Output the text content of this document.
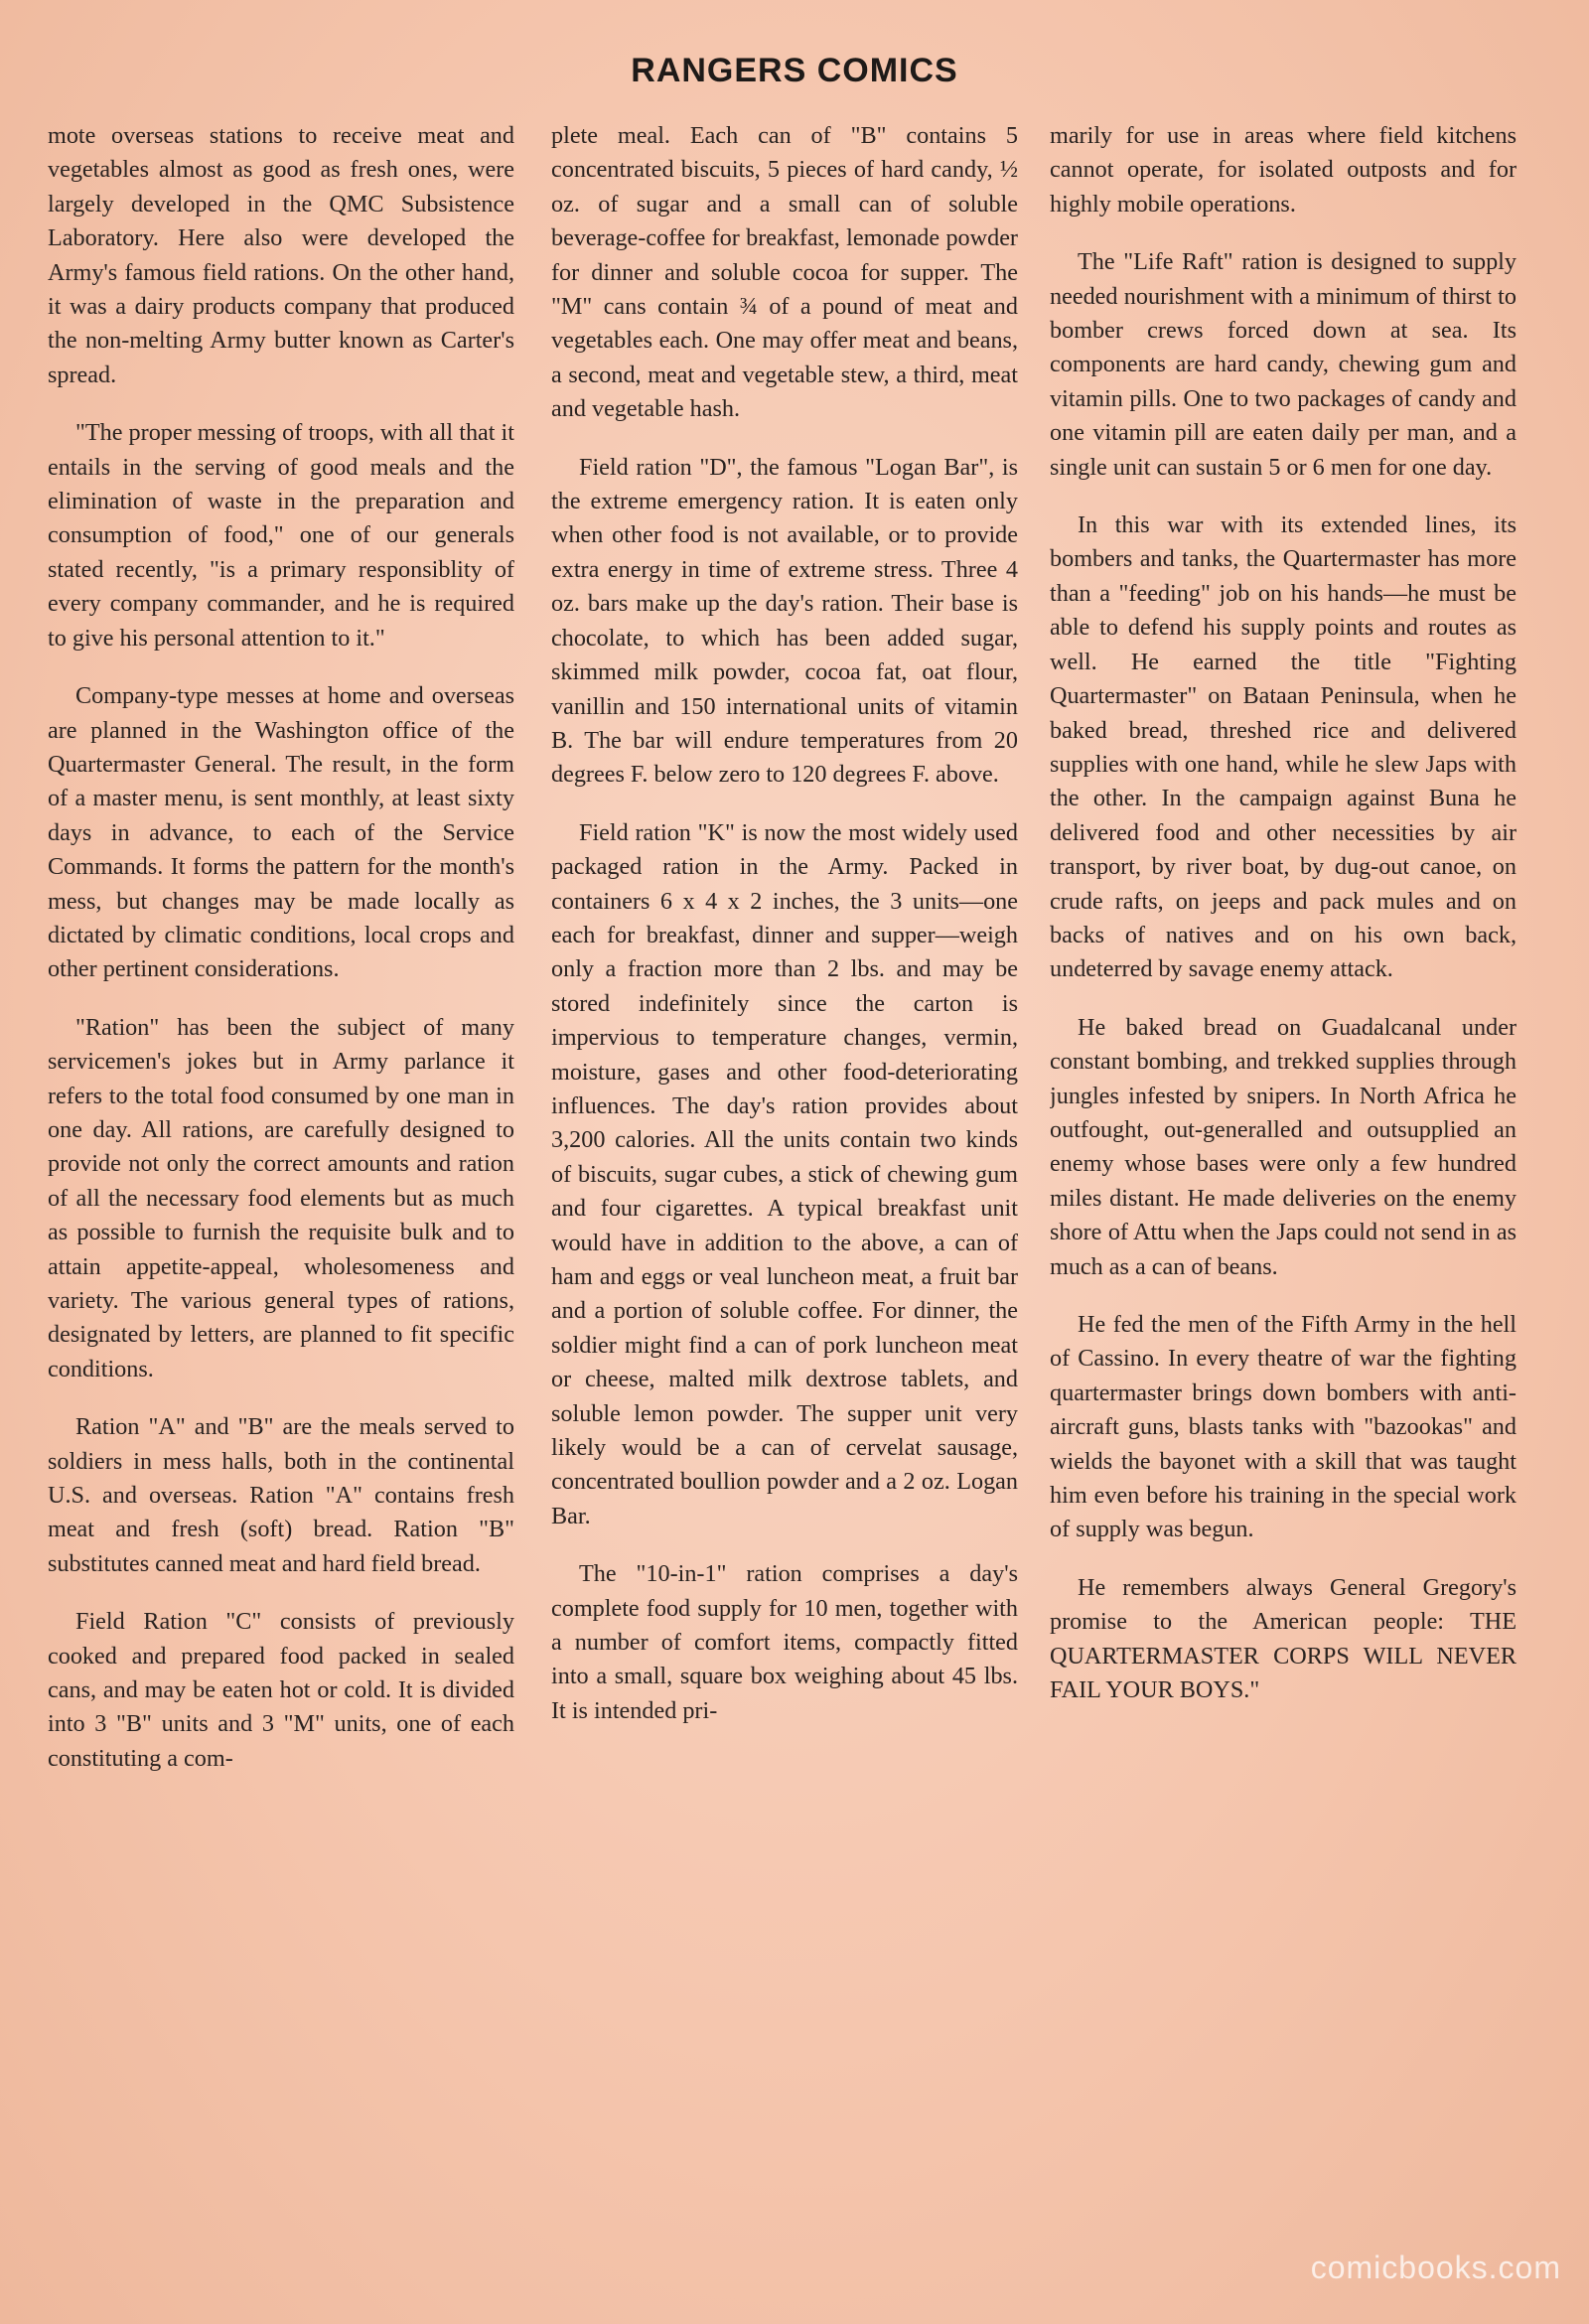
RANGERS COMICS

mote overseas stations to receive meat and vegetables almost as good as fresh ones, were largely developed in the QMC Subsistence Laboratory. Here also were developed the Army's famous field rations. On the other hand, it was a dairy products company that produced the non-melting Army butter known as Carter's spread.

"The proper messing of troops, with all that it entails in the serving of good meals and the elimination of waste in the preparation and consumption of food," one of our generals stated recently, "is a primary responsiblity of every company commander, and he is required to give his personal attention to it."

Company-type messes at home and overseas are planned in the Washington office of the Quartermaster General. The result, in the form of a master menu, is sent monthly, at least sixty days in advance, to each of the Service Commands. It forms the pattern for the month's mess, but changes may be made locally as dictated by climatic conditions, local crops and other pertinent considerations.

"Ration" has been the subject of many servicemen's jokes but in Army parlance it refers to the total food consumed by one man in one day. All rations, are carefully designed to provide not only the correct amounts and ration of all the necessary food elements but as much as possible to furnish the requisite bulk and to attain appetite-appeal, wholesomeness and variety. The various general types of rations, designated by letters, are planned to fit specific conditions.

Ration "A" and "B" are the meals served to soldiers in mess halls, both in the continental U.S. and overseas. Ration "A" contains fresh meat and fresh (soft) bread. Ration "B" substitutes canned meat and hard field bread.

Field Ration "C" consists of previously cooked and prepared food packed in sealed cans, and may be eaten hot or cold. It is divided into 3 "B" units and 3 "M" units, one of each constituting a com-

plete meal. Each can of "B" contains 5 concentrated biscuits, 5 pieces of hard candy, ½ oz. of sugar and a small can of soluble beverage-coffee for breakfast, lemonade powder for dinner and soluble cocoa for supper. The "M" cans contain ¾ of a pound of meat and vegetables each. One may offer meat and beans, a second, meat and vegetable stew, a third, meat and vegetable hash.

Field ration "D", the famous "Logan Bar", is the extreme emergency ration. It is eaten only when other food is not available, or to provide extra energy in time of extreme stress. Three 4 oz. bars make up the day's ration. Their base is chocolate, to which has been added sugar, skimmed milk powder, cocoa fat, oat flour, vanillin and 150 international units of vitamin B. The bar will endure temperatures from 20 degrees F. below zero to 120 degrees F. above.

Field ration "K" is now the most widely used packaged ration in the Army. Packed in containers 6 x 4 x 2 inches, the 3 units—one each for breakfast, dinner and supper—weigh only a fraction more than 2 lbs. and may be stored indefinitely since the carton is impervious to temperature changes, vermin, moisture, gases and other food-deteriorating influences. The day's ration provides about 3,200 calories. All the units contain two kinds of biscuits, sugar cubes, a stick of chewing gum and four cigarettes. A typical breakfast unit would have in addition to the above, a can of ham and eggs or veal luncheon meat, a fruit bar and a portion of soluble coffee. For dinner, the soldier might find a can of pork luncheon meat or cheese, malted milk dextrose tablets, and soluble lemon powder. The supper unit very likely would be a can of cervelat sausage, concentrated boullion powder and a 2 oz. Logan Bar.

The "10-in-1" ration comprises a day's complete food supply for 10 men, together with a number of comfort items, compactly fitted into a small, square box weighing about 45 lbs. It is intended pri-

marily for use in areas where field kitchens cannot operate, for isolated outposts and for highly mobile operations.

The "Life Raft" ration is designed to supply needed nourishment with a minimum of thirst to bomber crews forced down at sea. Its components are hard candy, chewing gum and vitamin pills. One to two packages of candy and one vitamin pill are eaten daily per man, and a single unit can sustain 5 or 6 men for one day.

In this war with its extended lines, its bombers and tanks, the Quartermaster has more than a "feeding" job on his hands—he must be able to defend his supply points and routes as well. He earned the title "Fighting Quartermaster" on Bataan Peninsula, when he baked bread, threshed rice and delivered supplies with one hand, while he slew Japs with the other. In the campaign against Buna he delivered food and other necessities by air transport, by river boat, by dug-out canoe, on crude rafts, on jeeps and pack mules and on backs of natives and on his own back, undeterred by savage enemy attack.

He baked bread on Guadalcanal under constant bombing, and trekked supplies through jungles infested by snipers. In North Africa he outfought, out-generalled and outsupplied an enemy whose bases were only a few hundred miles distant. He made deliveries on the enemy shore of Attu when the Japs could not send in as much as a can of beans.

He fed the men of the Fifth Army in the hell of Cassino. In every theatre of war the fighting quartermaster brings down bombers with anti-aircraft guns, blasts tanks with "bazookas" and wields the bayonet with a skill that was taught him even before his training in the special work of supply was begun.

He remembers always General Gregory's promise to the American people: THE QUARTERMASTER CORPS WILL NEVER FAIL YOUR BOYS."

comicbooks.com
